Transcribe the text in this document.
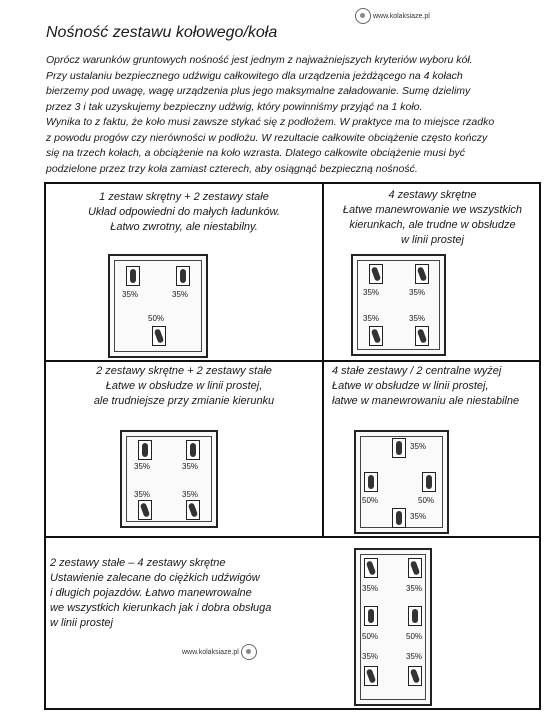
Nośność zestawu kołowego/koła
www.kolaksiaze.pl

Oprócz warunków gruntowych nośność jest jednym z najważniejszych kryteriów wyboru kół.

Przy ustalaniu bezpiecznego udźwigu całkowitego dla urządzenia jeżdżącego na 4 kołach

bierzemy pod uwagę, wagę urządzenia plus jego maksymalne załadowanie. Sumę dzielimy

przez 3 i tak uzyskujemy bezpieczny udźwig, który powinniśmy przyjąć na 1 koło.

Wynika to z faktu, że koło musi zawsze stykać się z podłożem. W praktyce ma to miejsce rzadko

z powodu progów czy nierówności w podłożu. W rezultacie całkowite obciążenie często kończy

się na trzech kołach, a obciążenie na koło wzrasta. Dlatego całkowite obciążenie musi być

podzielone przez trzy koła zamiast czterech, aby osiągnąć bezpieczną nośność.

1 zestaw skrętny + 2 zestawy stałe
Układ odpowiedni do małych ładunków.
Łatwo zwrotny, ale niestabilny.
35%	35%
50%
4 zestawy skrętne
Łatwe manewrowanie we wszystkich
kierunkach, ale trudne w obsłudze
w linii prostej
35%	35%
35%	35%
2 zestawy skrętne + 2 zestawy stałe
Łatwe w obsłudze w linii prostej,
ale trudniejsze przy zmianie kierunku
35%	35%
35%	35%
4 stałe zestawy / 2 centralne wyżej
Łatwe w obsłudze w linii prostej,
łatwe w manewrowaniu ale niestabilne
35%
50%	50%
35%
2 zestawy stałe – 4 zestawy skrętne
Ustawienie zalecane do ciężkich udźwigów
i długich pojazdów. Łatwo manewrowalne
we wszystkich kierunkach jak i dobra obsługa
w linii prostej
www.kolaksiaze.pl
35%	35%
50%	50%
35%	35%
